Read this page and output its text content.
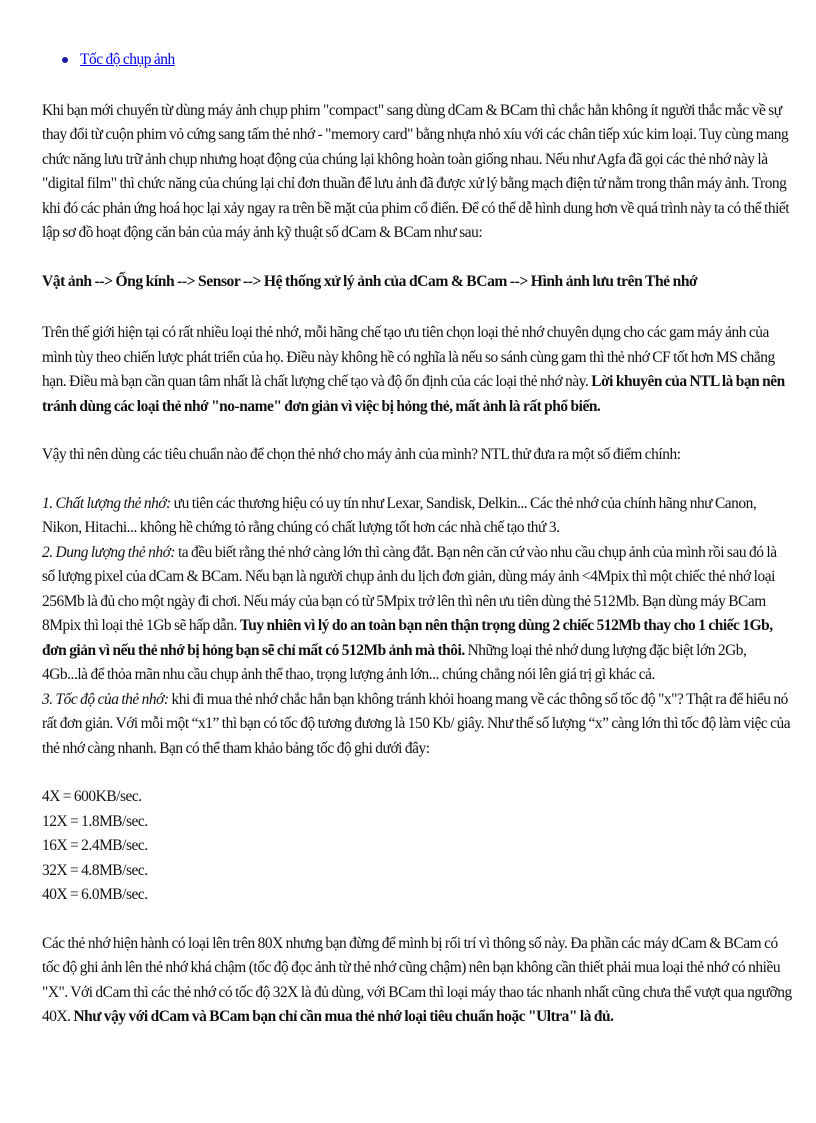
Tốc độ chụp ảnh

Khi bạn mới chuyển từ dùng máy ảnh chụp phim "compact" sang dùng dCam & BCam thì chắc hẳn không ít người thắc mắc về sự thay đổi từ cuộn phim vỏ cứng sang tấm thẻ nhớ - "memory card" bằng nhựa nhỏ xíu với các chân tiếp xúc kim loại. Tuy cùng mang chức năng lưu trữ ảnh chụp nhưng hoạt động của chúng lại không hoàn toàn giống nhau. Nếu như Agfa đã gọi các thẻ nhớ này là "digital film" thì chức năng của chúng lại chỉ đơn thuần để lưu ảnh đã được xử lý bằng mạch điện tử nằm trong thân máy ảnh. Trong khi đó các phản ứng hoá học lại xảy ngay ra trên bề mặt của phim cổ điển. Để có thể dễ hình dung hơn về quá trình này ta có thể thiết lập sơ đồ hoạt động căn bản của máy ảnh kỹ thuật số dCam & BCam như sau:

Vật ảnh --> Ống kính --> Sensor --> Hệ thống xử lý ảnh của dCam & BCam --> Hình ảnh lưu trên Thẻ nhớ

Trên thế giới hiện tại có rất nhiều loại thẻ nhớ, mỗi hãng chế tạo ưu tiên chọn loại thẻ nhớ chuyên dụng cho các gam máy ảnh của mình tùy theo chiến lược phát triển của họ. Điều này không hề có nghĩa là nếu so sánh cùng gam thì thẻ nhớ CF tốt hơn MS chẳng hạn. Điều mà bạn cần quan tâm nhất là chất lượng chế tạo và độ ổn định của các loại thẻ nhớ này. Lời khuyên của NTL là bạn nên tránh dùng các loại thẻ nhớ "no-name" đơn giản vì việc bị hỏng thẻ, mất ảnh là rất phổ biến.

Vậy thì nên dùng các tiêu chuẩn nào để chọn thẻ nhớ cho máy ảnh của mình? NTL thử đưa ra một số điểm chính:

1. Chất lượng thẻ nhớ: ưu tiên các thương hiệu có uy tín như Lexar, Sandisk, Delkin... Các thẻ nhớ của chính hãng như Canon, Nikon, Hitachi... không hề chứng tỏ rằng chúng có chất lượng tốt hơn các nhà chế tạo thứ 3.

2. Dung lượng thẻ nhớ: ta đều biết rằng thẻ nhớ càng lớn thì càng đắt. Bạn nên căn cứ vào nhu cầu chụp ảnh của mình rồi sau đó là số lượng pixel của dCam & BCam. Nếu bạn là người chụp ảnh du lịch đơn giản, dùng máy ảnh <4Mpix thì một chiếc thẻ nhớ loại 256Mb là đủ cho một ngày đi chơi. Nếu máy của bạn có từ 5Mpix trở lên thì nên ưu tiên dùng thẻ 512Mb. Bạn dùng máy BCam 8Mpix thì loại thẻ 1Gb sẽ hấp dẫn. Tuy nhiên vì lý do an toàn bạn nên thận trọng dùng 2 chiếc 512Mb thay cho 1 chiếc 1Gb, đơn giản vì nếu thẻ nhớ bị hỏng bạn sẽ chỉ mất có 512Mb ảnh mà thôi. Những loại thẻ nhớ dung lượng đặc biệt lớn 2Gb, 4Gb...là để thỏa mãn nhu cầu chụp ảnh thể thao, trọng lượng ảnh lớn... chúng chẳng nói lên giá trị gì khác cả.

3. Tốc độ của thẻ nhớ: khi đi mua thẻ nhớ chắc hẳn bạn không tránh khỏi hoang mang về các thông số tốc độ "x"? Thật ra để hiểu nó rất đơn giản. Với mỗi một “x1” thì bạn có tốc độ tương đương là 150 Kb/ giây. Như thế số lượng “x” càng lớn thì tốc độ làm việc của thẻ nhớ càng nhanh. Bạn có thể tham khảo bảng tốc độ ghi dưới đây:

4X = 600KB/sec.
12X = 1.8MB/sec.
16X = 2.4MB/sec.
32X = 4.8MB/sec.
40X = 6.0MB/sec.

Các thẻ nhớ hiện hành có loại lên trên 80X nhưng bạn đừng để mình bị rối trí vì thông số này. Đa phần các máy dCam & BCam có tốc độ ghi ảnh lên thẻ nhớ khá chậm (tốc độ đọc ảnh từ thẻ nhớ cũng chậm) nên bạn không cần thiết phải mua loại thẻ nhớ có nhiều "X". Với dCam thì các thẻ nhớ có tốc độ 32X là đủ dùng, với BCam thì loại máy thao tác nhanh nhất cũng chưa thể vượt qua ngưỡng 40X. Như vậy với dCam và BCam bạn chỉ cần mua thẻ nhớ loại tiêu chuẩn hoặc "Ultra" là đủ.
